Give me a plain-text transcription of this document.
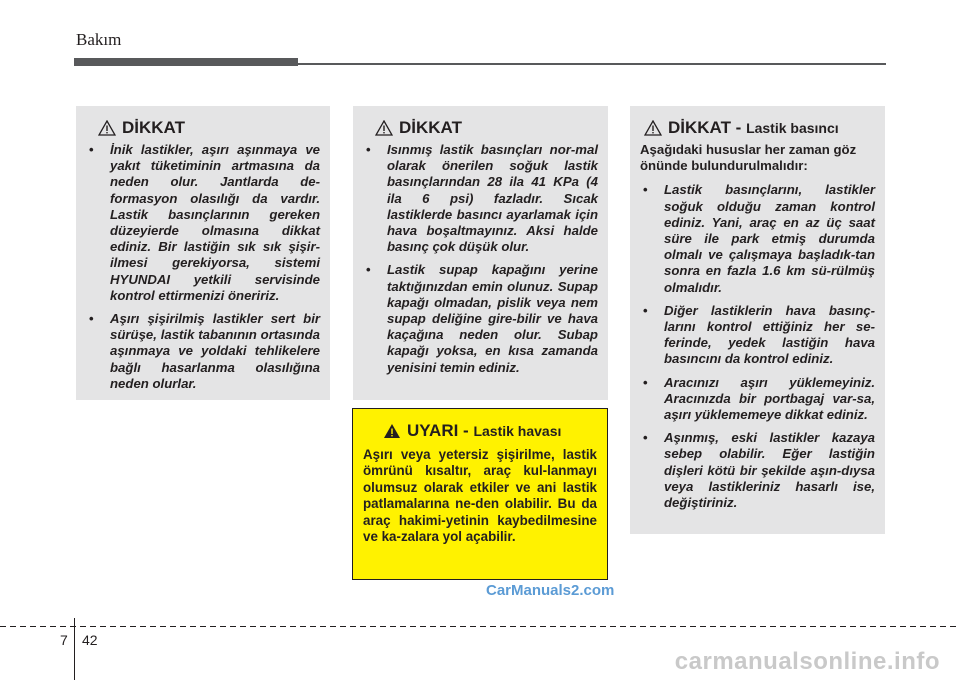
Bakım
DİKKAT
• İnik lastikler, aşırı aşınmaya ve yakıt tüketiminin artmasına da neden olur. Jantlarda de-formasyon olasılığı da vardır. Lastik basınçlarının gereken düzeyierde olmasına dikkat ediniz. Bir lastiğin sık sık şişir-ilmesi gerekiyorsa, sistemi HYUNDAI yetkili servisinde kontrol ettirmenizi öneririz.
• Aşırı şişirilmiş lastikler sert bir sürüşe, lastik tabanının ortasında aşınmaya ve yoldaki tehlikelere bağlı hasarlanma olasılığına neden olurlar.
DİKKAT
• Isınmış lastik basınçları nor-mal olarak önerilen soğuk lastik basınçlarından 28 ila 41 KPa (4 ila 6 psi) fazladır. Sıcak lastiklerde basıncı ayarlamak için hava boşaltmayınız. Aksi halde basınç çok düşük olur.
• Lastik supap kapağını yerine taktığınızdan emin olunuz. Supap kapağı olmadan, pislik veya nem supap deliğine gire-bilir ve hava kaçağına neden olur. Subap kapağı yoksa, en kısa zamanda yenisini temin ediniz.
DİKKAT - Lastik basıncı
Aşağıdaki hususlar her zaman göz önünde bulundurulmalıdır:
• Lastik basınçlarını, lastikler soğuk olduğu zaman kontrol ediniz. Yani, araç en az üç saat süre ile park etmiş durumda olmalı ve çalışmaya başladık-tan sonra en fazla 1.6 km sü-rülmüş olmalıdır.
• Diğer lastiklerin hava basınç-larını kontrol ettiğiniz her se-ferinde, yedek lastiğin hava basıncını da kontrol ediniz.
• Aracınızı aşırı yüklemeyiniz. Aracınızda bir portbagaj var-sa, aşırı yüklememeye dikkat ediniz.
• Aşınmış, eski lastikler kazaya sebep olabilir. Eğer lastiğin dişleri kötü bir şekilde aşın-dıysa veya lastikleriniz hasarlı ise, değiştiriniz.
UYARI - Lastik havası
Aşırı veya yetersiz şişirilme, lastik ömrünü kısaltır, araç kul-lanmayı olumsuz olarak etkiler ve ani lastik patlamalarına ne-den olabilir. Bu da araç hakimi-yetinin kaybedilmesine ve ka-zalara yol açabilir.
CarManuals2.com
7 42
carmanualsonline.info
